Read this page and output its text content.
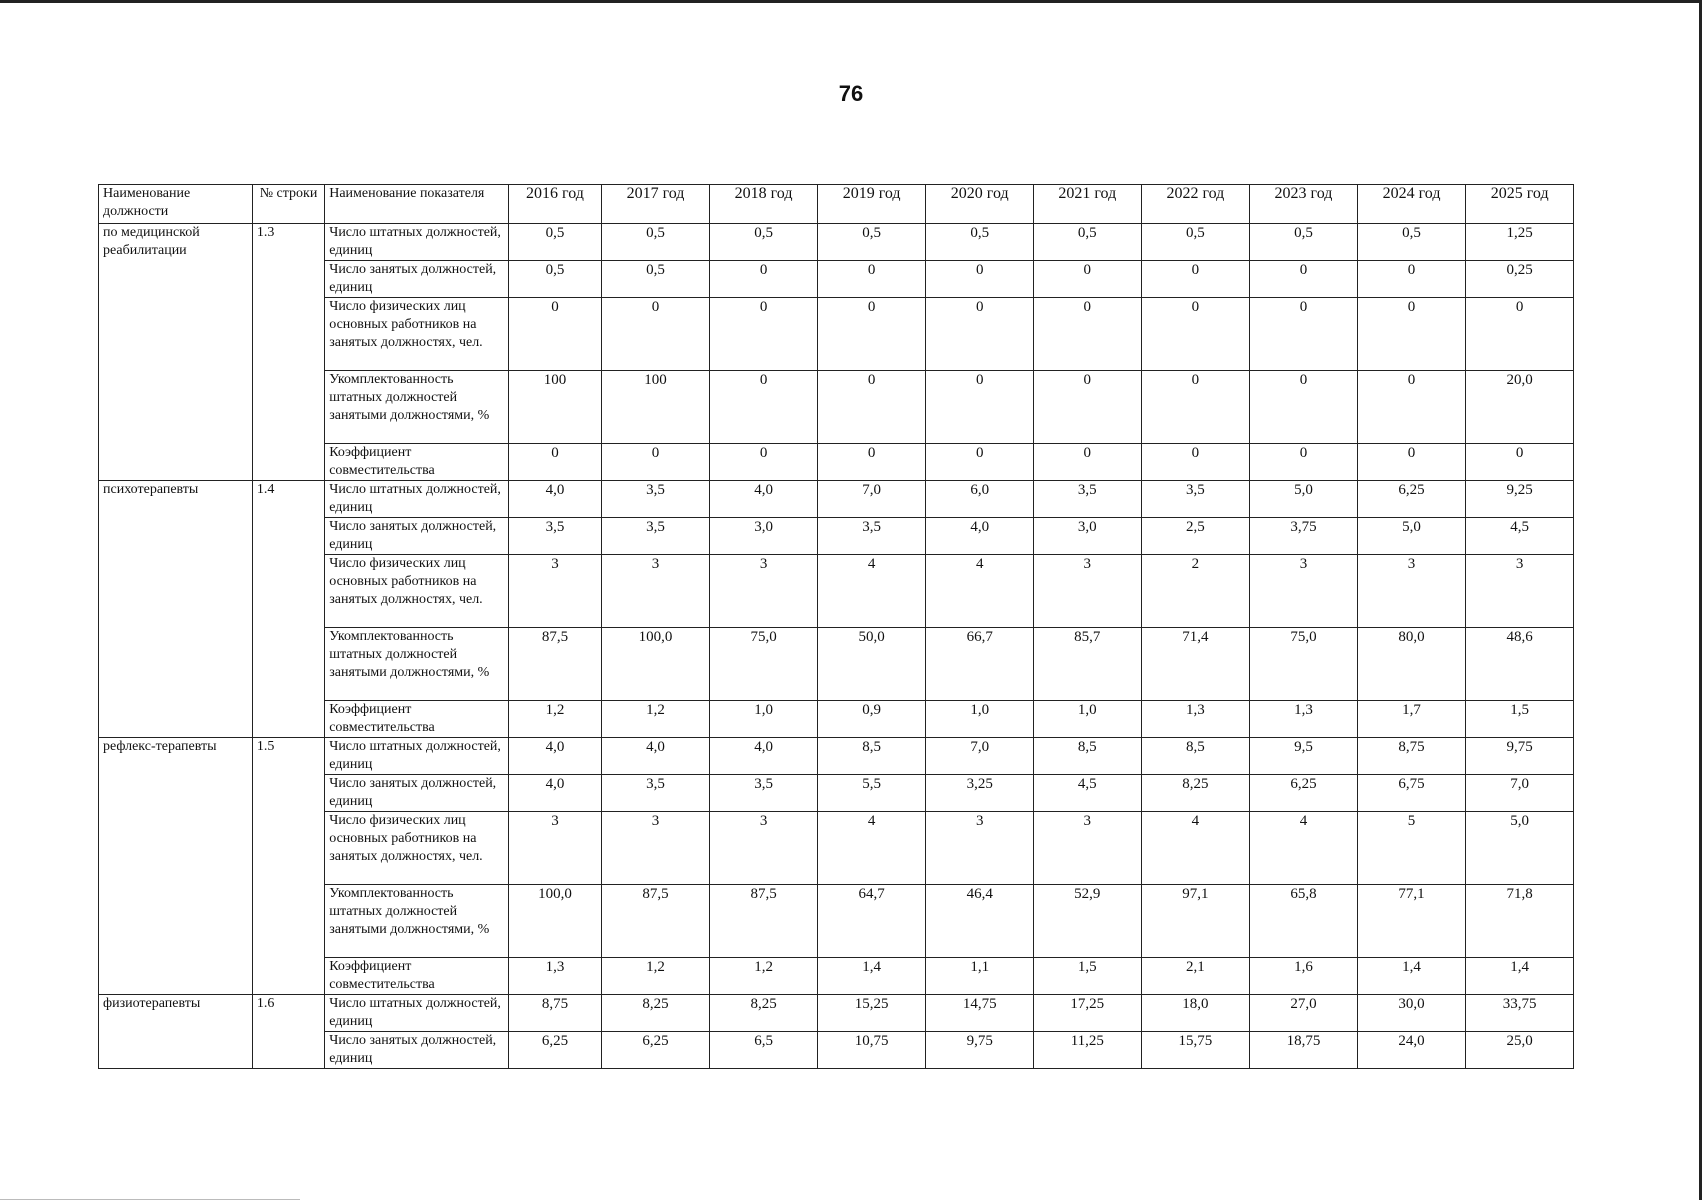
76
Наименование должности	№ строки	Наименование показателя	2016 год	2017 год	2018 год	2019 год	2020 год	2021 год	2022 год	2023 год	2024 год	2025 год
по медицинской реабилитации	1.3	Число штатных должностей, единиц	0,5	0,5	0,5	0,5	0,5	0,5	0,5	0,5	0,5	1,25
		Число занятых должностей, единиц	0,5	0,5	0	0	0	0	0	0	0	0,25
		Число физических лиц основных работников на занятых должностях, чел.	0	0	0	0	0	0	0	0	0	0
		Укомплектованность штатных должностей занятыми должностями, %	100	100	0	0	0	0	0	0	0	20,0
		Коэффициент совместительства	0	0	0	0	0	0	0	0	0	0
психотерапевты	1.4	Число штатных должностей, единиц	4,0	3,5	4,0	7,0	6,0	3,5	3,5	5,0	6,25	9,25
		Число занятых должностей, единиц	3,5	3,5	3,0	3,5	4,0	3,0	2,5	3,75	5,0	4,5
		Число физических лиц основных работников на занятых должностях, чел.	3	3	3	4	4	3	2	3	3	3
		Укомплектованность штатных должностей занятыми должностями, %	87,5	100,0	75,0	50,0	66,7	85,7	71,4	75,0	80,0	48,6
		Коэффициент совместительства	1,2	1,2	1,0	0,9	1,0	1,0	1,3	1,3	1,7	1,5
рефлекс-терапевты	1.5	Число штатных должностей, единиц	4,0	4,0	4,0	8,5	7,0	8,5	8,5	9,5	8,75	9,75
		Число занятых должностей, единиц	4,0	3,5	3,5	5,5	3,25	4,5	8,25	6,25	6,75	7,0
		Число физических лиц основных работников на занятых должностях, чел.	3	3	3	4	3	3	4	4	5	5,0
		Укомплектованность штатных должностей занятыми должностями, %	100,0	87,5	87,5	64,7	46,4	52,9	97,1	65,8	77,1	71,8
		Коэффициент совместительства	1,3	1,2	1,2	1,4	1,1	1,5	2,1	1,6	1,4	1,4
физиотерапевты	1.6	Число штатных должностей, единиц	8,75	8,25	8,25	15,25	14,75	17,25	18,0	27,0	30,0	33,75
		Число занятых должностей, единиц	6,25	6,25	6,5	10,75	9,75	11,25	15,75	18,75	24,0	25,0
